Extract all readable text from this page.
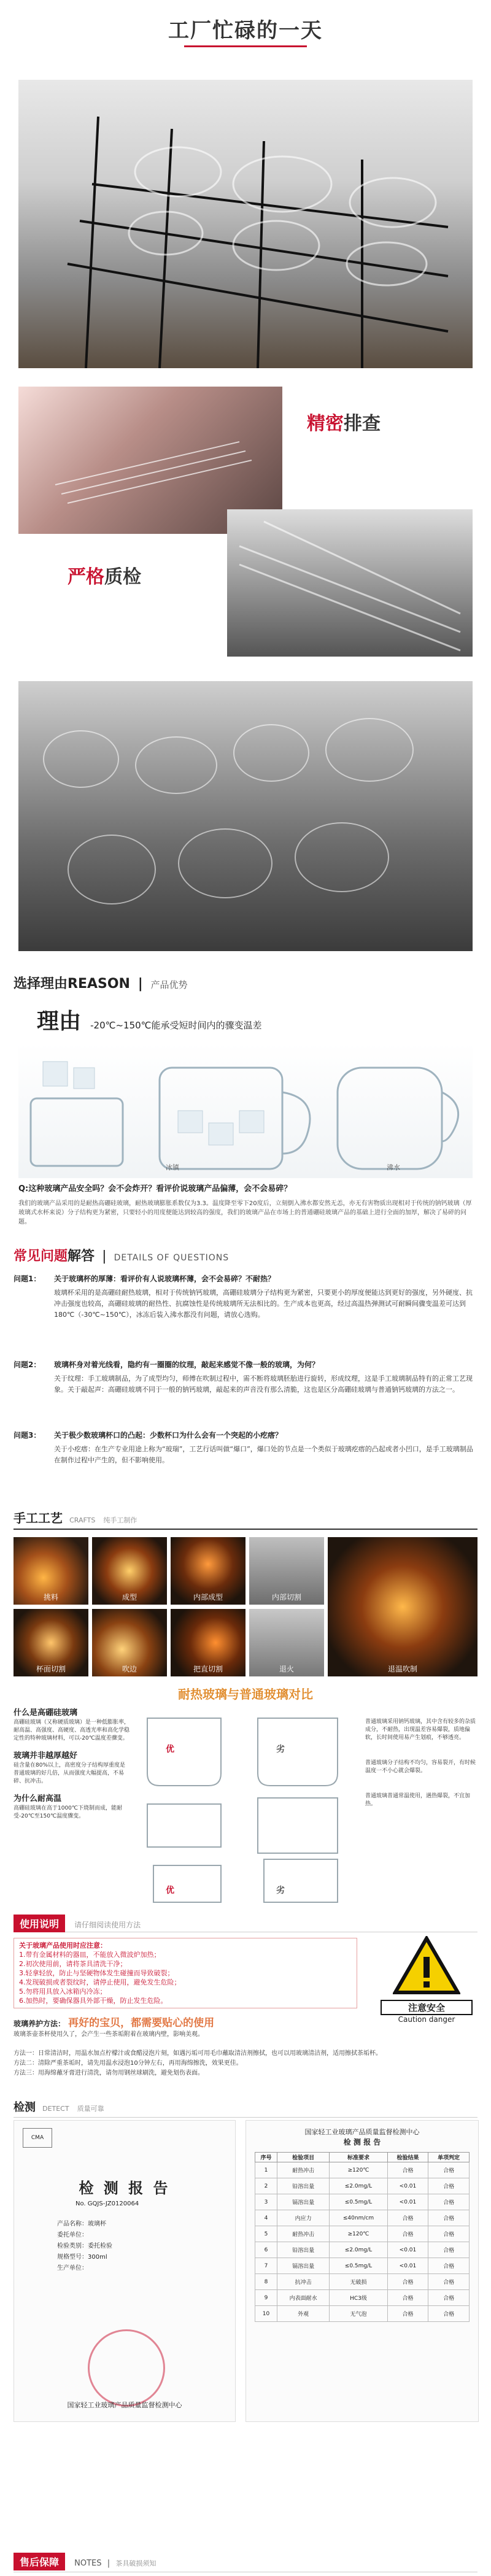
工厂忙碌的一天
精密排查
严格质检
选择理由REASON  |  产品优势
理由 -20℃~150℃能承受短时间内的骤变温差
冰镇	沸水
Q:这种玻璃产品安全吗？会不会炸开？看评价说玻璃产品偏薄，会不会易碎？
我们的玻璃产品采用的是耐热高硼硅玻璃，耐热玻璃膨胀系数仅为3.3。温度降至零下20度后，立刻倒入沸水都安然无恙，亦无有害物质出现相对于传统的钠钙玻璃（厚玻璃式水杯来说）分子结构更为紧密，只要轻小的用度便能达到较高的强度，我们的玻璃产品在市场上的普通硼硅玻璃产品的基础上进行全面的加厚，解决了易碎的问题。
常见问题解答  |  DETAILS OF QUESTIONS
问题1：	关于玻璃杯的厚薄：看评价有人说玻璃杯薄，会不会易碎？不耐热？
玻璃杯采用的是高硼硅耐热玻璃，相对于传统钠钙玻璃，高硼硅玻璃分子结构更为紧密，只要更小的厚度便能达到更好的强度，另外硬度、抗冲击强度也较高，高硼硅玻璃的耐热性、抗腐蚀性是传统玻璃所无法相比的。生产成本也更高，经过高温热弹测试可耐瞬间骤变温差可达到180℃（-30℃~150℃），冰冻后装入沸水都没有问题，请放心选购。
问题2：	玻璃杯身对着光线看，隐约有一圈圈的纹理，敲起来感觉不像一般的玻璃，为何？
关于纹理：手工玻璃制品，为了成型均匀，师傅在吹制过程中，需不断将玻璃胚胎进行旋转，形成纹理，这是手工玻璃制品特有的正常工艺现象。关于敲起声：高硼硅玻璃不同于一般的钠钙玻璃，敲起来的声音没有那么清脆，这也是区分高硼硅玻璃与普通钠钙玻璃的方法之一。
问题3：	关于极少数玻璃杯口的凸起：少数杯口为什么会有一个突起的小疙瘩？
关于小疙瘩：在生产专业用途上称为“玻瑞”，工艺行话叫做“爆口”，爆口处的节点是一个类似于玻璃疙瘩的凸起或者小凹口，是手工玻璃制品在制作过程中产生的，但不影响使用。
手工工艺 CRAFTS 纯手工制作
挑料	成型	内部成型	内部切割
杯面切割	吹边	把直切割	退火	退温吹制
耐热玻璃与普通玻璃对比
什么是高硼硅玻璃
高硼硅玻璃（又称硬质玻璃）是一种低膨胀率，耐高温、高强度、高硬度、高透光率和高化学稳定性的特种玻璃材料，可以-20℃温度差骤变。
玻璃并非越厚越好
硅含量在80%以上，高密度分子结构厚重度是普通玻璃的好几倍，从而强度大幅提高，不易碎、抗冲击。
为什么耐高温
高硼硅玻璃在高于1000℃下烧制而成，能耐受-20℃至150℃温度骤变。
优	劣
优	劣
普通玻璃采用钠钙玻璃，其中含有较多的杂质成分，不耐热，出现温差容易爆裂，质地偏软，长时间使用易产生划痕，不够透亮。
普通玻璃分子结构不均匀，容易裂开，有时候温度一不小心就会爆裂。
普通玻璃普通常温使用，遇热爆裂，不宜加热。
使用说明 请仔细阅读使用方法
关于玻璃产品使用时应注意：
1.带有金属材料的器皿，不能放入微波炉加热；
2.初次使用前，请将茶具清洗干净；
3.轻拿轻放，防止与坚硬物体发生碰撞而导致破裂；
4.发现破损或者裂纹时，请停止使用，避免发生危险；
5.勿将用具放入冰箱内冷冻；
6.加热时，要确保器具外部干燥，防止发生危险。
注意安全
Caution danger
玻璃养护方法： 再好的宝贝，都需要贴心的使用
玻璃茶壶茶杯使用久了，会产生一些茶垢附着在玻璃内壁，影响美观。
方法一：日常清洁时，用温水加点柠檬汁或食醋浸泡片刻，如遇污垢可用毛巾蘸取清洁剂擦拭，也可以用玻璃清洁剂，适用擦拭茶垢杯。
方法二：清除严重茶垢时，请先用温水浸泡10分钟左右，再用海绵擦洗，效果更佳。
方法三：用海绵蘸牙膏进行清洗，请勿用钢丝球刷洗，避免划伤表面。
检测 DETECT 质量可靠
CMA
检 测 报 告
No. GQJS-JZ0120064
产品名称：玻璃杯
委托单位：
检验类别：委托检验
规格型号：300ml
生产单位：
国家轻工业玻璃产品质量监督检测中心
国家轻工业玻璃产品质量监督检测中心
检 测 报 告
序号	检验项目	标准要求	检验结果	单项判定
1	耐热冲击	≥120℃	合格	合格
2	铅溶出量	≤2.0mg/L	<0.01	合格
3	镉溶出量	≤0.5mg/L	<0.01	合格
4	内应力	≤40nm/cm	合格	合格
5	耐热冲击	≥120℃	合格	合格
6	铅溶出量	≤2.0mg/L	<0.01	合格
7	镉溶出量	≤0.5mg/L	<0.01	合格
8	抗冲击	无破损	合格	合格
9	内表面耐水	HC3级	合格	合格
10	外观	无气泡	合格	合格
售后保障 NOTES  |  茶具破损须知
